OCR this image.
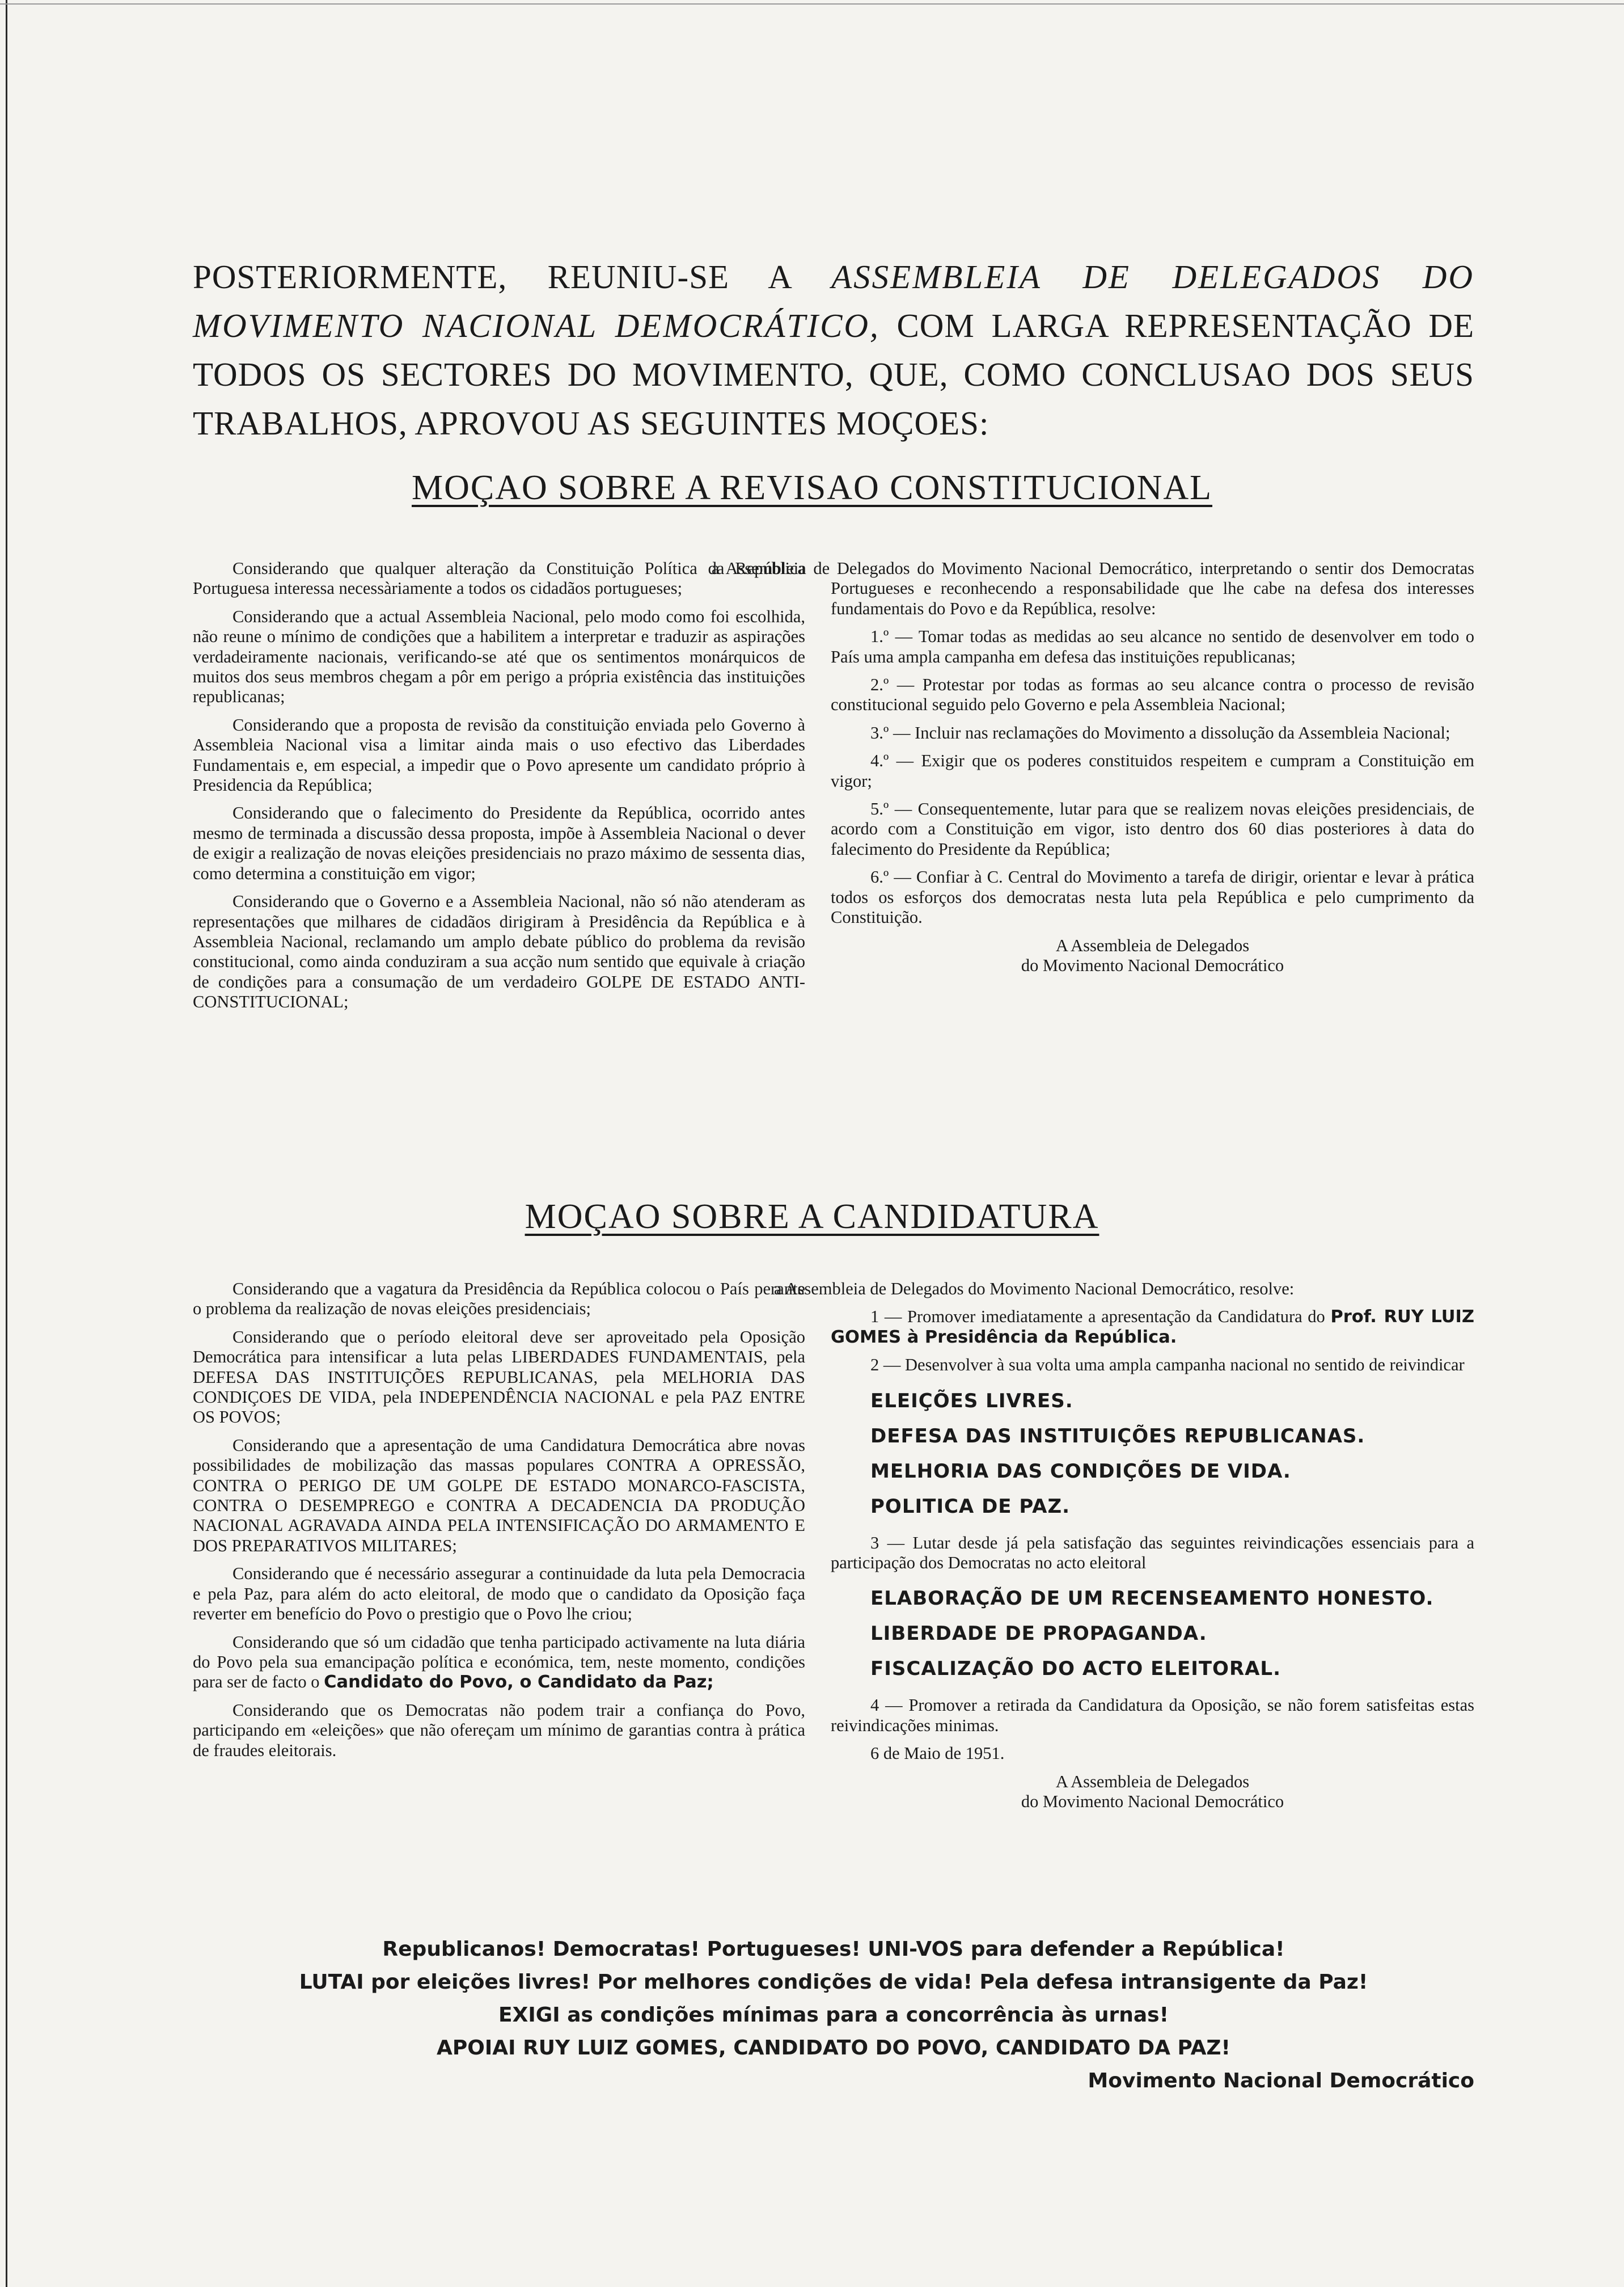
POSTERIORMENTE, REUNIU-SE A ASSEMBLEIA DE DELEGADOS DO MOVIMENTO NACIONAL DEMOCRÁTICO, COM LARGA REPRESENTAÇÃO DE TODOS OS SECTORES DO MOVIMENTO, QUE, COMO CONCLUSAO DOS SEUS TRABALHOS, APROVOU AS SEGUINTES MOÇOES:
MOÇAO SOBRE A REVISAO CONSTITUCIONAL

Considerando que qualquer alteração da Constituição Política da República Portuguesa interessa necessàriamente a todos os cidadãos portugueses;

Considerando que a actual Assembleia Nacional, pelo modo como foi escolhida, não reune o mínimo de condições que a habilitem a interpretar e traduzir as aspirações verdadeiramente nacionais, verificando-se até que os sentimentos monárquicos de muitos dos seus membros chegam a pôr em perigo a própria existência das instituições republicanas;

Considerando que a proposta de revisão da constituição enviada pelo Governo à Assembleia Nacional visa a limitar ainda mais o uso efectivo das Liberdades Fundamentais e, em especial, a impedir que o Povo apresente um candidato próprio à Presidencia da República;

Considerando que o falecimento do Presidente da República, ocorrido antes mesmo de terminada a discussão dessa proposta, impõe à Assembleia Nacional o dever de exigir a realização de novas eleições presidenciais no prazo máximo de sessenta dias, como determina a constituição em vigor;

Considerando que o Governo e a Assembleia Nacional, não só não atenderam as representações que milhares de cidadãos dirigiram à Presidência da República e à Assembleia Nacional, reclamando um amplo debate público do problema da revisão constitucional, como ainda conduziram a sua acção num sentido que equivale à criação de condições para a consumação de um verdadeiro GOLPE DE ESTADO ANTI-CONSTITUCIONAL;

a Assembleia de Delegados do Movimento Nacional Democrático, interpretando o sentir dos Democratas Portugueses e reconhecendo a responsabilidade que lhe cabe na defesa dos interesses fundamentais do Povo e da República, resolve:

1.º — Tomar todas as medidas ao seu alcance no sentido de desenvolver em todo o País uma ampla campanha em defesa das instituições republicanas;

2.º — Protestar por todas as formas ao seu alcance contra o processo de revisão constitucional seguido pelo Governo e pela Assembleia Nacional;

3.º — Incluir nas reclamações do Movimento a dissolução da Assembleia Nacional;

4.º — Exigir que os poderes constituidos respeitem e cumpram a Constituição em vigor;

5.º — Consequentemente, lutar para que se realizem novas eleições presidenciais, de acordo com a Constituição em vigor, isto dentro dos 60 dias posteriores à data do falecimento do Presidente da República;

6.º — Confiar à C. Central do Movimento a tarefa de dirigir, orientar e levar à prática todos os esforços dos democratas nesta luta pela República e pelo cumprimento da Constituição.

A Assembleia de Delegados

do Movimento Nacional Democrático

MOÇAO SOBRE A CANDIDATURA

Considerando que a vagatura da Presidência da República colocou o País perante o problema da realização de novas eleições presidenciais;

Considerando que o período eleitoral deve ser aproveitado pela Oposição Democrática para intensificar a luta pelas LIBERDADES FUNDAMENTAIS, pela DEFESA DAS INSTITUIÇÕES REPUBLICANAS, pela MELHORIA DAS CONDIÇOES DE VIDA, pela INDEPENDÊNCIA NACIONAL e pela PAZ ENTRE OS POVOS;

Considerando que a apresentação de uma Candidatura Democrática abre novas possibilidades de mobilização das massas populares CONTRA A OPRESSÃO, CONTRA O PERIGO DE UM GOLPE DE ESTADO MONARCO-FASCISTA, CONTRA O DESEMPREGO e CONTRA A DECADENCIA DA PRODUÇÃO NACIONAL AGRAVADA AINDA PELA INTENSIFICAÇÃO DO ARMAMENTO E DOS PREPARATIVOS MILITARES;

Considerando que é necessário assegurar a continuidade da luta pela Democracia e pela Paz, para além do acto eleitoral, de modo que o candidato da Oposição faça reverter em benefício do Povo o prestigio que o Povo lhe criou;

Considerando que só um cidadão que tenha participado activamente na luta diária do Povo pela sua emancipação política e económica, tem, neste momento, condições para ser de facto o Candidato do Povo, o Candidato da Paz;

Considerando que os Democratas não podem trair a confiança do Povo, participando em «eleições» que não ofereçam um mínimo de garantias contra à prática de fraudes eleitorais.

a Assembleia de Delegados do Movimento Nacional Democrático, resolve:

1 — Promover imediatamente a apresentação da Candidatura do Prof. RUY LUIZ GOMES à Presidência da República.

2 — Desenvolver à sua volta uma ampla campanha nacional no sentido de reivindicar

ELEIÇÕES LIVRES.

DEFESA DAS INSTITUIÇÕES REPUBLICANAS.

MELHORIA DAS CONDIÇÕES DE VIDA.

POLITICA DE PAZ.

3 — Lutar desde já pela satisfação das seguintes reivindicações essenciais para a participação dos Democratas no acto eleitoral

ELABORAÇÃO DE UM RECENSEAMENTO HONESTO.

LIBERDADE DE PROPAGANDA.

FISCALIZAÇÃO DO ACTO ELEITORAL.

4 — Promover a retirada da Candidatura da Oposição, se não forem satisfeitas estas reivindicações minimas.

6 de Maio de 1951.

A Assembleia de Delegados

do Movimento Nacional Democrático

Republicanos! Democratas! Portugueses! UNI-VOS para defender a República!
LUTAI por eleições livres! Por melhores condições de vida! Pela defesa intransigente da Paz!
EXIGI as condições mínimas para a concorrência às urnas!
APOIAI RUY LUIZ GOMES, CANDIDATO DO POVO, CANDIDATO DA PAZ!
Movimento Nacional Democrático
